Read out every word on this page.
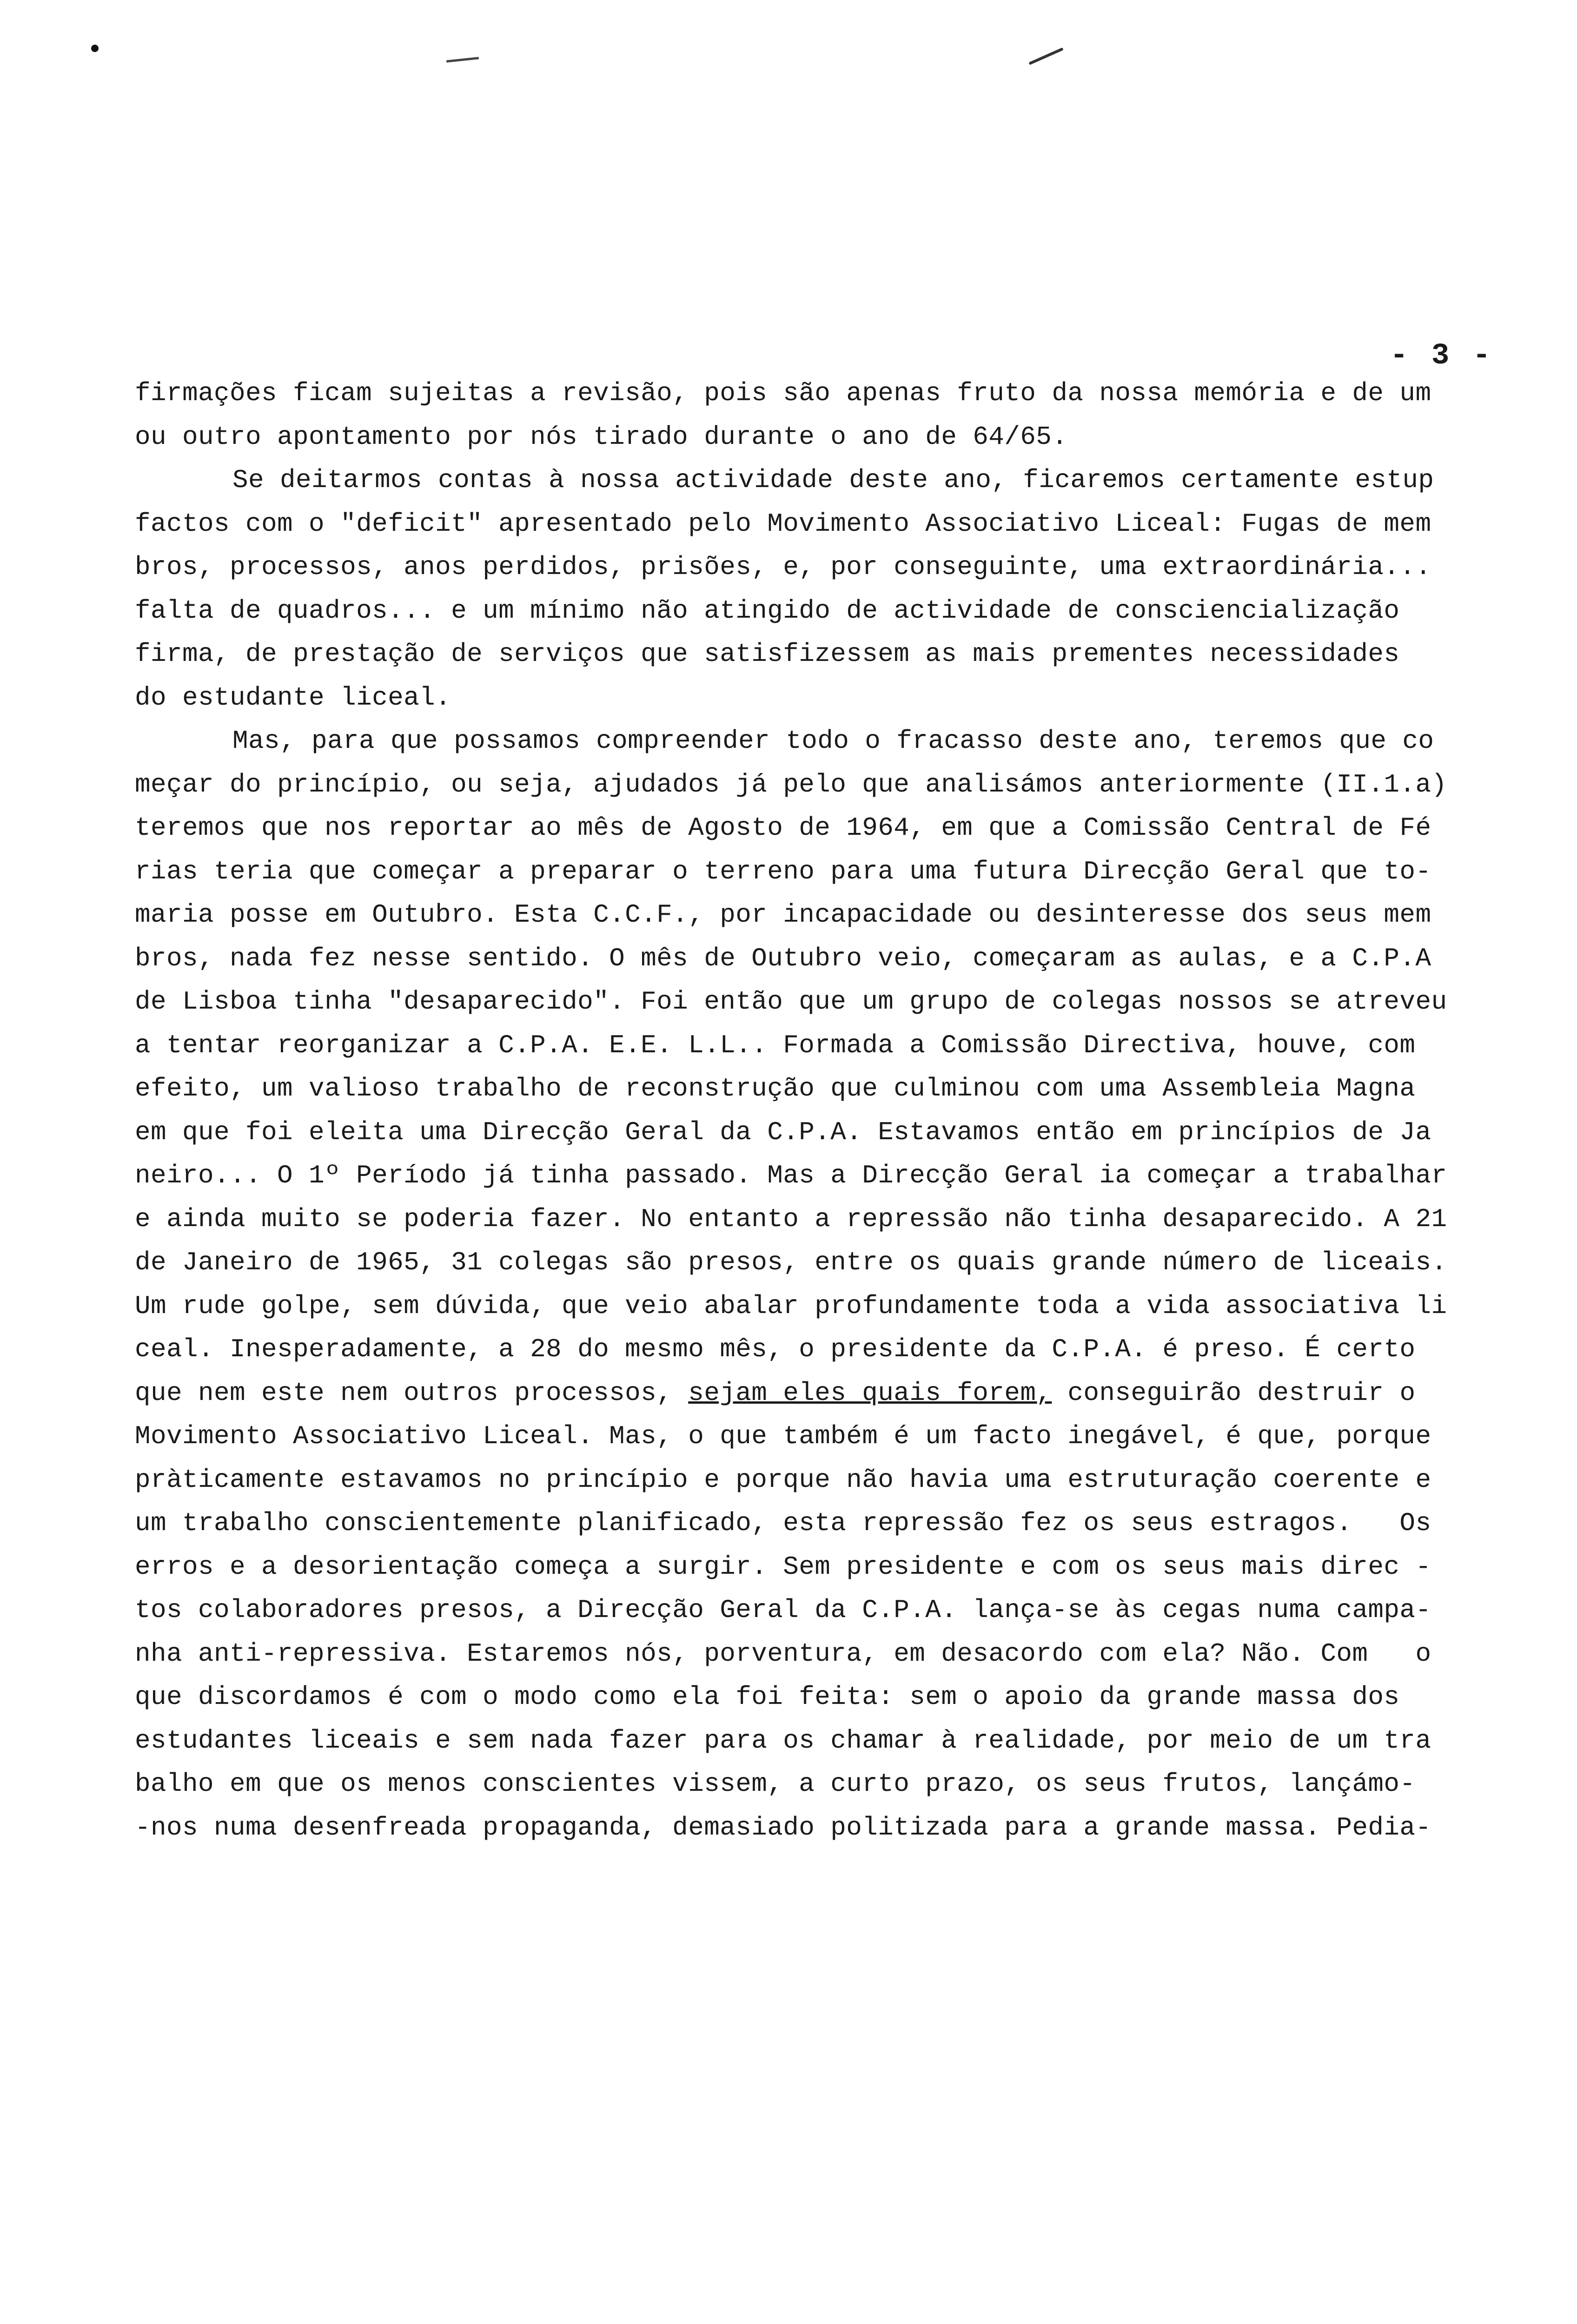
- 3 -
firmações ficam sujeitas a revisão, pois são apenas fruto da nossa memória e de um
ou outro apontamento por nós tirado durante o ano de 64/65.
Se deitarmos contas à nossa actividade deste ano, ficaremos certamente estup
factos com o "deficit" apresentado pelo Movimento Associativo Liceal: Fugas de mem
bros, processos, anos perdidos, prisões, e, por conseguinte, uma extraordinária...
falta de quadros... e um mínimo não atingido de actividade de consciencialização
firma, de prestação de serviços que satisfizessem as mais prementes necessidades
do estudante liceal.
Mas, para que possamos compreender todo o fracasso deste ano, teremos que co
meçar do princípio, ou seja, ajudados já pelo que analisámos anteriormente (II.1.a)
teremos que nos reportar ao mês de Agosto de 1964, em que a Comissão Central de Fé
rias teria que começar a preparar o terreno para uma futura Direcção Geral que to-
maria posse em Outubro. Esta C.C.F., por incapacidade ou desinteresse dos seus mem
bros, nada fez nesse sentido. O mês de Outubro veio, começaram as aulas, e a C.P.A
de Lisboa tinha "desaparecido". Foi então que um grupo de colegas nossos se atreveu
a tentar reorganizar a C.P.A. E.E. L.L.. Formada a Comissão Directiva, houve, com
efeito, um valioso trabalho de reconstrução que culminou com uma Assembleia Magna
em que foi eleita uma Direcção Geral da C.P.A. Estavamos então em princípios de Ja
neiro... O 1º Período já tinha passado. Mas a Direcção Geral ia começar a trabalhar
e ainda muito se poderia fazer. No entanto a repressão não tinha desaparecido. A 21
de Janeiro de 1965, 31 colegas são presos, entre os quais grande número de liceais.
Um rude golpe, sem dúvida, que veio abalar profundamente toda a vida associativa li
ceal. Inesperadamente, a 28 do mesmo mês, o presidente da C.P.A. é preso. É certo
que nem este nem outros processos, sejam eles quais forem, conseguirão destruir o
Movimento Associativo Liceal. Mas, o que também é um facto inegável, é que, porque
pràticamente estavamos no princípio e porque não havia uma estruturação coerente e
um trabalho conscientemente planificado, esta repressão fez os seus estragos.   Os
erros e a desorientação começa a surgir. Sem presidente e com os seus mais direc -
tos colaboradores presos, a Direcção Geral da C.P.A. lança-se às cegas numa campa-
nha anti-repressiva. Estaremos nós, porventura, em desacordo com ela? Não. Com   o
que discordamos é com o modo como ela foi feita: sem o apoio da grande massa dos
estudantes liceais e sem nada fazer para os chamar à realidade, por meio de um tra
balho em que os menos conscientes vissem, a curto prazo, os seus frutos, lançámo-
-nos numa desenfreada propaganda, demasiado politizada para a grande massa. Pedia-
